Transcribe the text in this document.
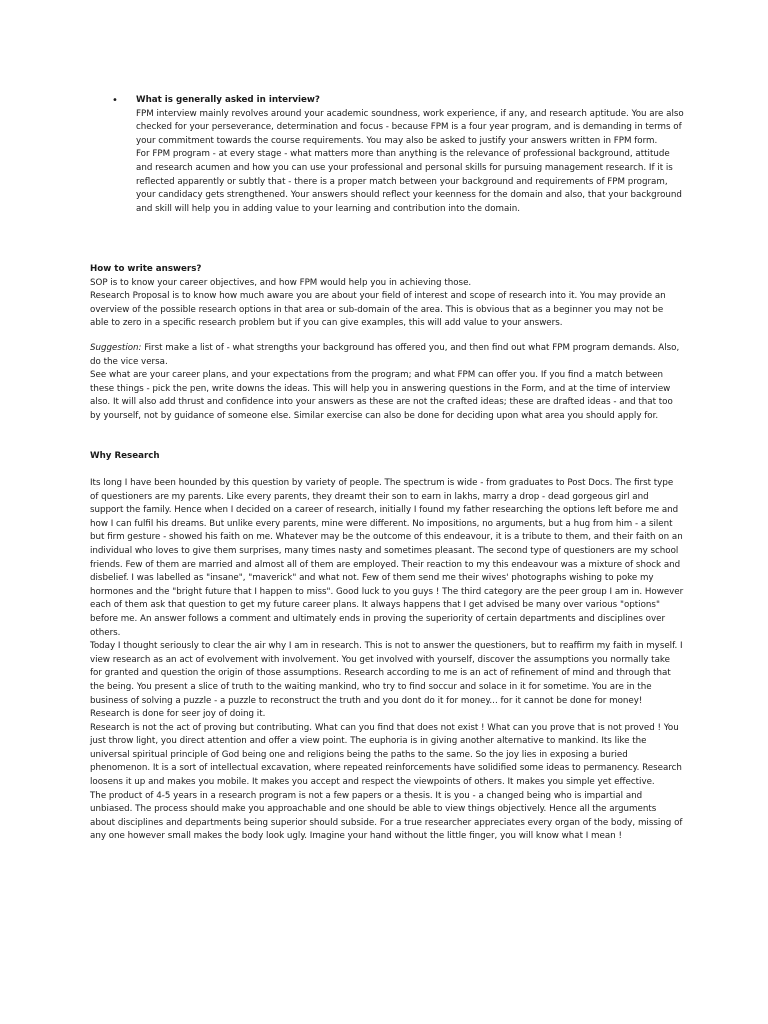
• What is generally asked in interview?

FPM interview mainly revolves around your academic soundness, work experience, if any, and research aptitude. You are also checked for your perseverance, determination and focus - because FPM is a four year program, and is demanding in terms of your commitment towards the course requirements. You may also be asked to justify your answers written in FPM form.

For FPM program - at every stage - what matters more than anything is the relevance of professional background, attitude and research acumen and how you can use your professional and personal skills for pursuing management research. If it is reflected apparently or subtly that - there is a proper match between your background and requirements of FPM program, your candidacy gets strengthened. Your answers should reflect your keenness for the domain and also, that your background and skill will help you in adding value to your learning and contribution into the domain.

How to write answers?

SOP is to know your career objectives, and how FPM would help you in achieving those.

Research Proposal is to know how much aware you are about your field of interest and scope of research into it. You may provide an overview of the possible research options in that area or sub-domain of the area. This is obvious that as a beginner you may not be able to zero in a specific research problem but if you can give examples, this will add value to your answers.

Suggestion: First make a list of - what strengths your background has offered you, and then find out what FPM program demands. Also, do the vice versa.

See what are your career plans, and your expectations from the program; and what FPM can offer you. If you find a match between these things - pick the pen, write downs the ideas. This will help you in answering questions in the Form, and at the time of interview also. It will also add thrust and confidence into your answers as these are not the crafted ideas; these are drafted ideas - and that too by yourself, not by guidance of someone else. Similar exercise can also be done for deciding upon what area you should apply for.

Why Research

Its long I have been hounded by this question by variety of people. The spectrum is wide - from graduates to Post Docs. The first type of questioners are my parents. Like every parents, they dreamt their son to earn in lakhs, marry a drop - dead gorgeous girl and support the family. Hence when I decided on a career of research, initially I found my father researching the options left before me and how I can fulfil his dreams. But unlike every parents, mine were different. No impositions, no arguments, but a hug from him - a silent but firm gesture - showed his faith on me. Whatever may be the outcome of this endeavour, it is a tribute to them, and their faith on an individual who loves to give them surprises, many times nasty and sometimes pleasant. The second type of questioners are my school friends. Few of them are married and almost all of them are employed. Their reaction to my this endeavour was a mixture of shock and disbelief. I was labelled as "insane", "maverick" and what not. Few of them send me their wives' photographs wishing to poke my hormones and the "bright future that I happen to miss". Good luck to you guys ! The third category are the peer group I am in. However each of them ask that question to get my future career plans. It always happens that I get advised be many over various "options" before me. An answer follows a comment and ultimately ends in proving the superiority of certain departments and disciplines over others.

Today I thought seriously to clear the air why I am in research. This is not to answer the questioners, but to reaffirm my faith in myself. I view research as an act of evolvement with involvement. You get involved with yourself, discover the assumptions you normally take for granted and question the origin of those assumptions. Research according to me is an act of refinement of mind and through that the being. You present a slice of truth to the waiting mankind, who try to find soccur and solace in it for sometime. You are in the business of solving a puzzle - a puzzle to reconstruct the truth and you dont do it for money... for it cannot be done for money! Research is done for seer joy of doing it.

Research is not the act of proving but contributing. What can you find that does not exist ! What can you prove that is not proved ! You just throw light, you direct attention and offer a view point. The euphoria is in giving another alternative to mankind. Its like the universal spiritual principle of God being one and religions being the paths to the same. So the joy lies in exposing a buried phenomenon. It is a sort of intellectual excavation, where repeated reinforcements have solidified some ideas to permanency. Research loosens it up and makes you mobile. It makes you accept and respect the viewpoints of others. It makes you simple yet effective.

The product of 4-5 years in a research program is not a few papers or a thesis. It is you - a changed being who is impartial and unbiased. The process should make you approachable and one should be able to view things objectively. Hence all the arguments about disciplines and departments being superior should subside. For a true researcher appreciates every organ of the body, missing of any one however small makes the body look ugly. Imagine your hand without the little finger, you will know what I mean !
